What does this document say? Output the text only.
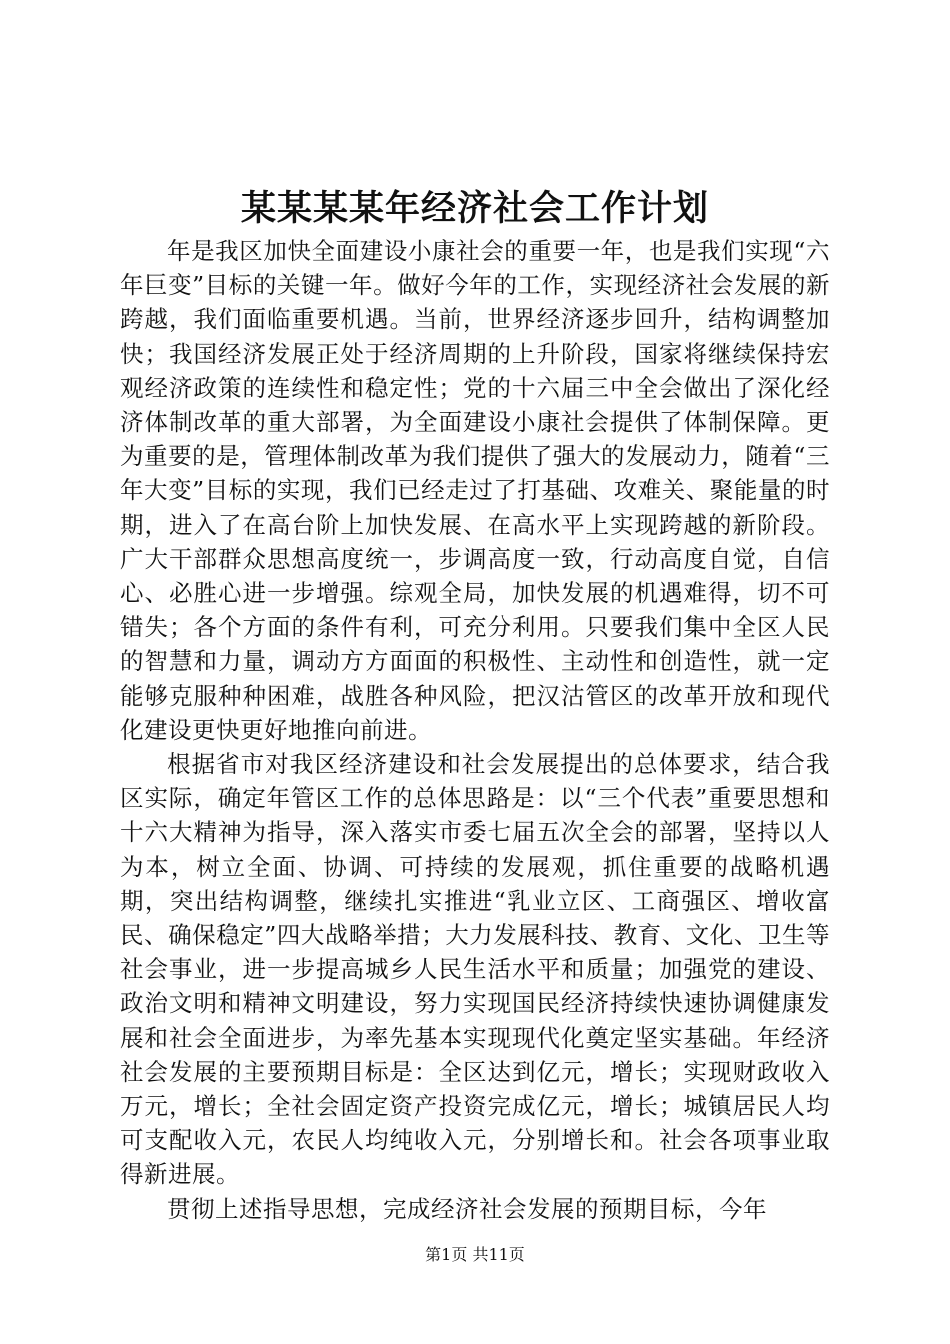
某某某某年经济社会工作计划

年是我区加快全面建设小康社会的重要一年，也是我们实现“六年巨变”目标的关键一年。做好今年的工作，实现经济社会发展的新跨越，我们面临重要机遇。当前，世界经济逐步回升，结构调整加快；我国经济发展正处于经济周期的上升阶段，国家将继续保持宏观经济政策的连续性和稳定性；党的十六届三中全会做出了深化经济体制改革的重大部署，为全面建设小康社会提供了体制保障。更为重要的是，管理体制改革为我们提供了强大的发展动力，随着“三年大变”目标的实现，我们已经走过了打基础、攻难关、聚能量的时期，进入了在高台阶上加快发展、在高水平上实现跨越的新阶段。广大干部群众思想高度统一，步调高度一致，行动高度自觉，自信心、必胜心进一步增强。综观全局，加快发展的机遇难得，切不可错失；各个方面的条件有利，可充分利用。只要我们集中全区人民的智慧和力量，调动方方面面的积极性、主动性和创造性，就一定能够克服种种困难，战胜各种风险，把汉沽管区的改革开放和现代化建设更快更好地推向前进。

根据省市对我区经济建设和社会发展提出的总体要求，结合我区实际，确定年管区工作的总体思路是：以“三个代表”重要思想和十六大精神为指导，深入落实市委七届五次全会的部署，坚持以人为本，树立全面、协调、可持续的发展观，抓住重要的战略机遇期，突出结构调整，继续扎实推进“乳业立区、工商强区、增收富民、确保稳定”四大战略举措；大力发展科技、教育、文化、卫生等社会事业，进一步提高城乡人民生活水平和质量；加强党的建设、政治文明和精神文明建设，努力实现国民经济持续快速协调健康发展和社会全面进步，为率先基本实现现代化奠定坚实基础。年经济社会发展的主要预期目标是：全区达到亿元，增长；实现财政收入万元，增长；全社会固定资产投资完成亿元，增长；城镇居民人均可支配收入元，农民人均纯收入元，分别增长和。社会各项事业取得新进展。

贯彻上述指导思想，完成经济社会发展的预期目标，今年

第1页 共11页
